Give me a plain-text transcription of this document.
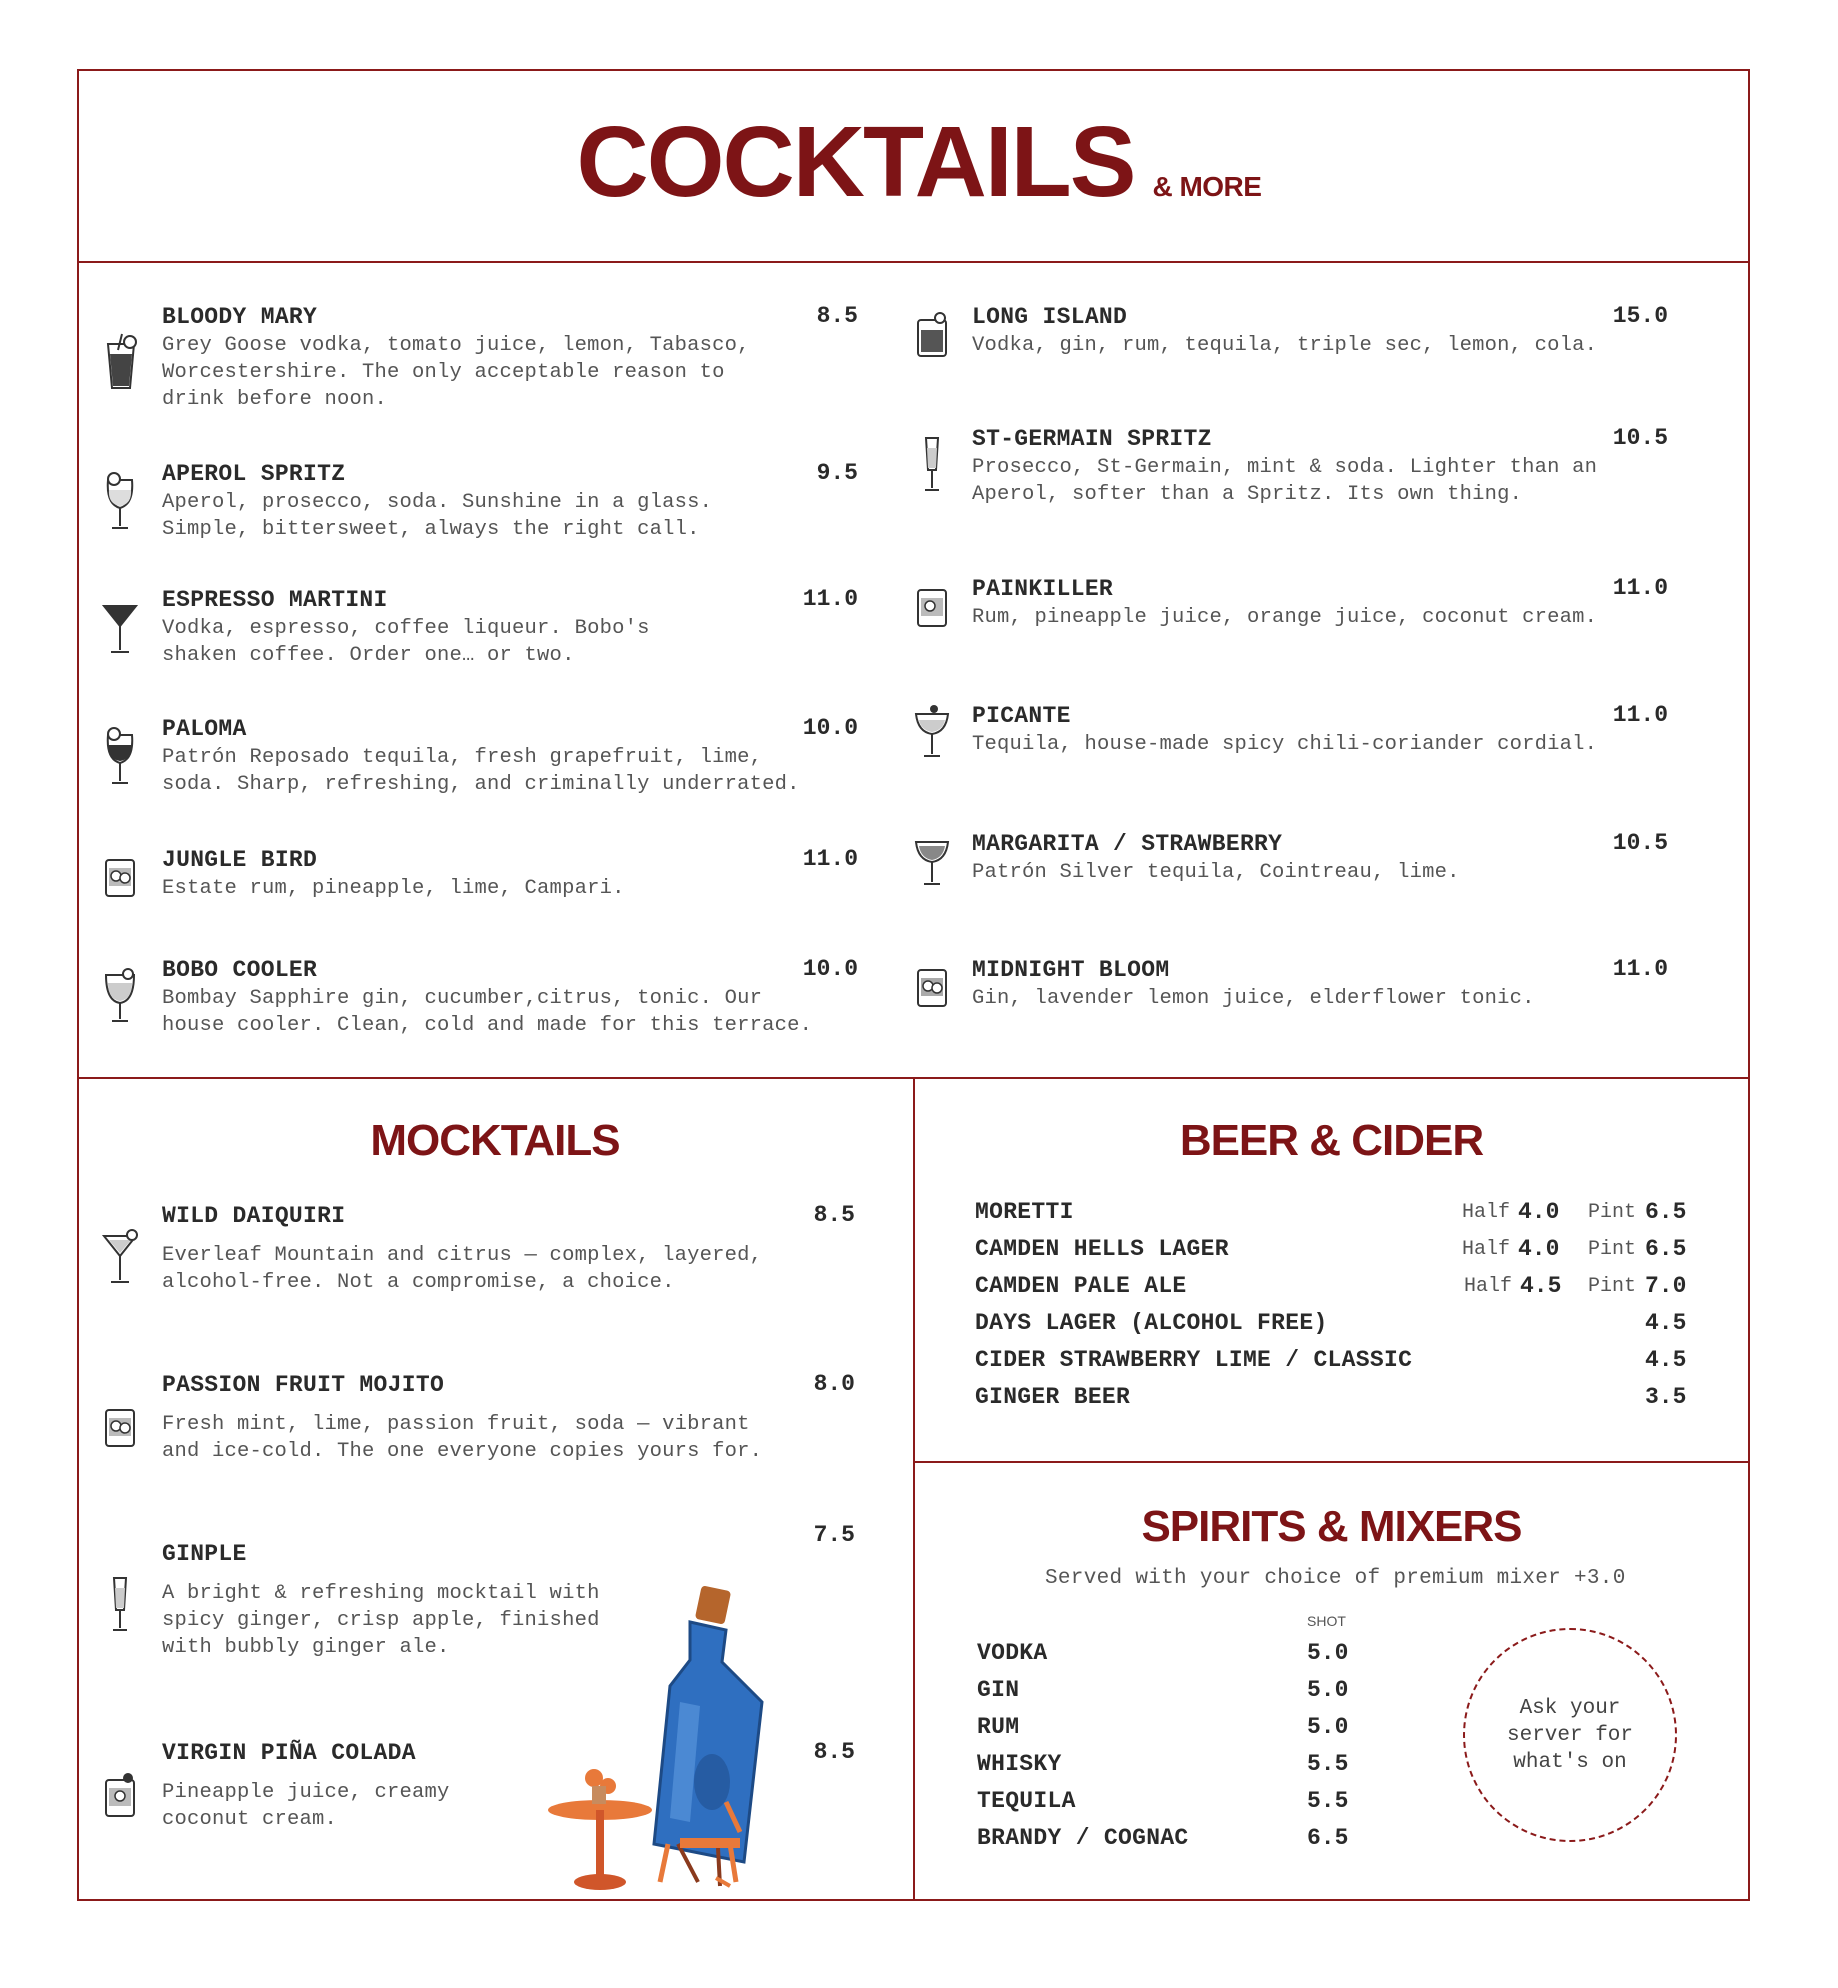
COCKTAILS & MORE
BLOODY MARY
Grey Goose vodka, tomato juice, lemon, Tabasco,
Worcestershire. The only acceptable reason to
drink before noon.
8.5
APEROL SPRITZ
Aperol, prosecco, soda. Sunshine in a glass.
Simple, bittersweet, always the right call.
9.5
ESPRESSO MARTINI
Vodka, espresso, coffee liqueur. Bobo's
shaken coffee. Order one… or two.
11.0
PALOMA
Patrón Reposado tequila, fresh grapefruit, lime,
soda. Sharp, refreshing, and criminally underrated.
10.0
JUNGLE BIRD
Estate rum, pineapple, lime, Campari.
11.0
BOBO COOLER
Bombay Sapphire gin, cucumber,citrus, tonic. Our
house cooler. Clean, cold and made for this terrace.
10.0
LONG ISLAND
Vodka, gin, rum, tequila, triple sec, lemon, cola.
15.0
ST-GERMAIN SPRITZ
Prosecco, St-Germain, mint & soda. Lighter than an
Aperol, softer than a Spritz. Its own thing.
10.5
PAINKILLER
Rum, pineapple juice, orange juice, coconut cream.
11.0
PICANTE
Tequila, house-made spicy chili-coriander cordial.
11.0
MARGARITA / STRAWBERRY
Patrón Silver tequila, Cointreau, lime.
10.5
MIDNIGHT BLOOM
Gin, lavender lemon juice, elderflower tonic.
11.0
MOCKTAILS
WILD DAIQUIRI
Everleaf Mountain and citrus — complex, layered,
alcohol-free. Not a compromise, a choice.
8.5
PASSION FRUIT MOJITO
Fresh mint, lime, passion fruit, soda — vibrant
and ice-cold. The one everyone copies yours for.
8.0
GINPLE
A bright & refreshing mocktail with
spicy ginger, crisp apple, finished
with bubbly ginger ale.
7.5
VIRGIN PIÑA COLADA
Pineapple juice, creamy
coconut cream.
8.5
BEER & CIDER
MORETTI	Half 4.0 Pint 6.5
CAMDEN HELLS LAGER	Half 4.0 Pint 6.5
CAMDEN PALE ALE	Half 4.5 Pint 7.0
DAYS LAGER (ALCOHOL FREE)	4.5
CIDER STRAWBERRY LIME / CLASSIC	4.5
GINGER BEER	3.5
SPIRITS & MIXERS
Served with your choice of premium mixer +3.0
SHOT
VODKA	5.0
GIN	5.0
RUM	5.0
WHISKY	5.5
TEQUILA	5.5
BRANDY / COGNAC	6.5
Ask your
server for
what's on
